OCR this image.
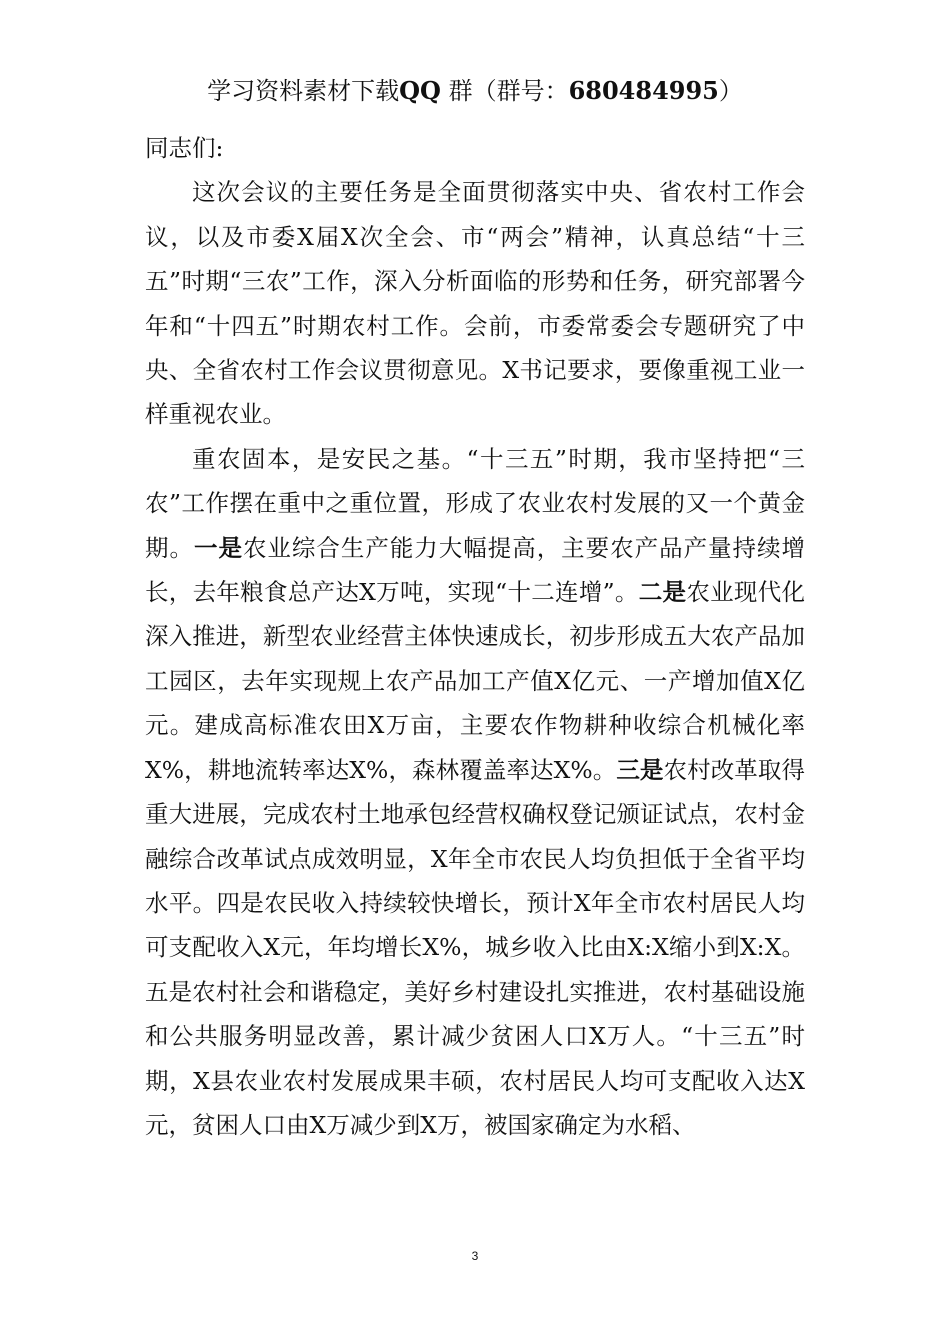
学习资料素材下载QQ 群（群号：680484995）

同志们:

这次会议的主要任务是全面贯彻落实中央、省农村工作会议，以及市委X届X次全会、市“两会”精神，认真总结“十三五”时期“三农”工作，深入分析面临的形势和任务，研究部署今年和“十四五”时期农村工作。会前，市委常委会专题研究了中央、全省农村工作会议贯彻意见。X书记要求，要像重视工业一样重视农业。

重农固本，是安民之基。“十三五”时期，我市坚持把“三农”工作摆在重中之重位置，形成了农业农村发展的又一个黄金期。一是农业综合生产能力大幅提高，主要农产品产量持续增长，去年粮食总产达X万吨，实现“十二连增”。二是农业现代化深入推进，新型农业经营主体快速成长，初步形成五大农产品加工园区，去年实现规上农产品加工产值X亿元、一产增加值X亿元。建成高标准农田X万亩，主要农作物耕种收综合机械化率X%，耕地流转率达X%，森林覆盖率达X%。三是农村改革取得重大进展，完成农村土地承包经营权确权登记颁证试点，农村金融综合改革试点成效明显，X年全市农民人均负担低于全省平均水平。四是农民收入持续较快增长，预计X年全市农村居民人均可支配收入X元，年均增长X%，城乡收入比由X:X缩小到X:X。五是农村社会和谐稳定，美好乡村建设扎实推进，农村基础设施和公共服务明显改善，累计减少贫困人口X万人。“十三五”时期，X县农业农村发展成果丰硕，农村居民人均可支配收入达X元，贫困人口由X万减少到X万，被国家确定为水稻、

3
